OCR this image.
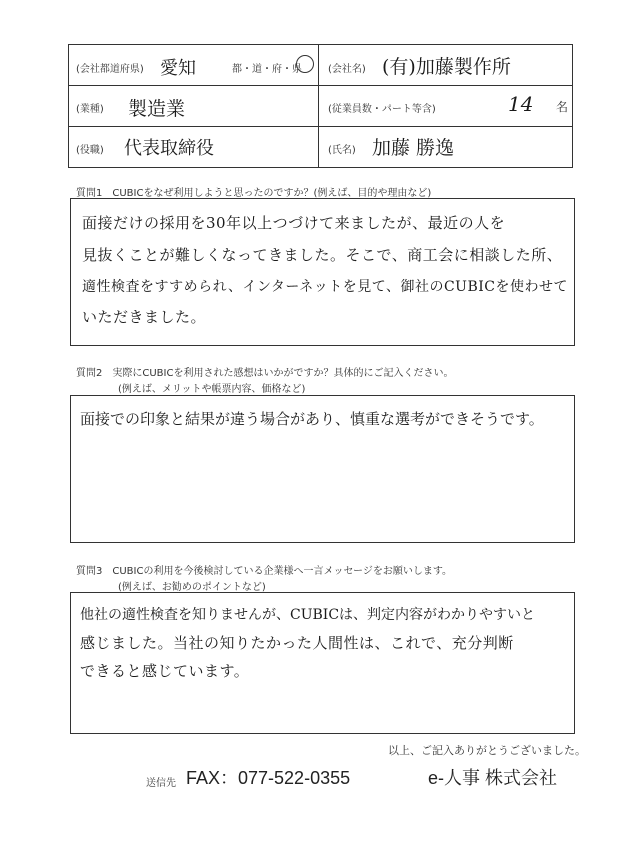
(会社都道府県) 愛知	都・道・府・県	(会社名) (有)加藤製作所
(業種) 製造業	(従業員数・パート等含)	14 名
(役職) 代表取締役	(氏名) 加藤 勝逸
質問1　CUBICをなぜ利用しようと思ったのですか？(例えば、目的や理由など)
面接だけの採用を30年以上つづけて来ましたが、最近の人を
見抜くことが難しくなってきました。そこで、商工会に相談した所、
適性検査をすすめられ、インターネットを見て、御社のCUBICを使わせて
いただきました。
質問2　実際にCUBICを利用された感想はいかがですか？具体的にご記入ください。
(例えば、メリットや帳票内容、価格など)
面接での印象と結果が違う場合があり、慎重な選考ができそうです。
質問3　CUBICの利用を今後検討している企業様へ一言メッセージをお願いします。
(例えば、お勧めのポイントなど)
他社の適性検査を知りませんが、CUBICは、判定内容がわかりやすいと
感じました。当社の知りたかった人間性は、これで、充分判断
できると感じています。
以上、ご記入ありがとうございました。
送信先 FAX：077-522-0355	e-人事 株式会社
